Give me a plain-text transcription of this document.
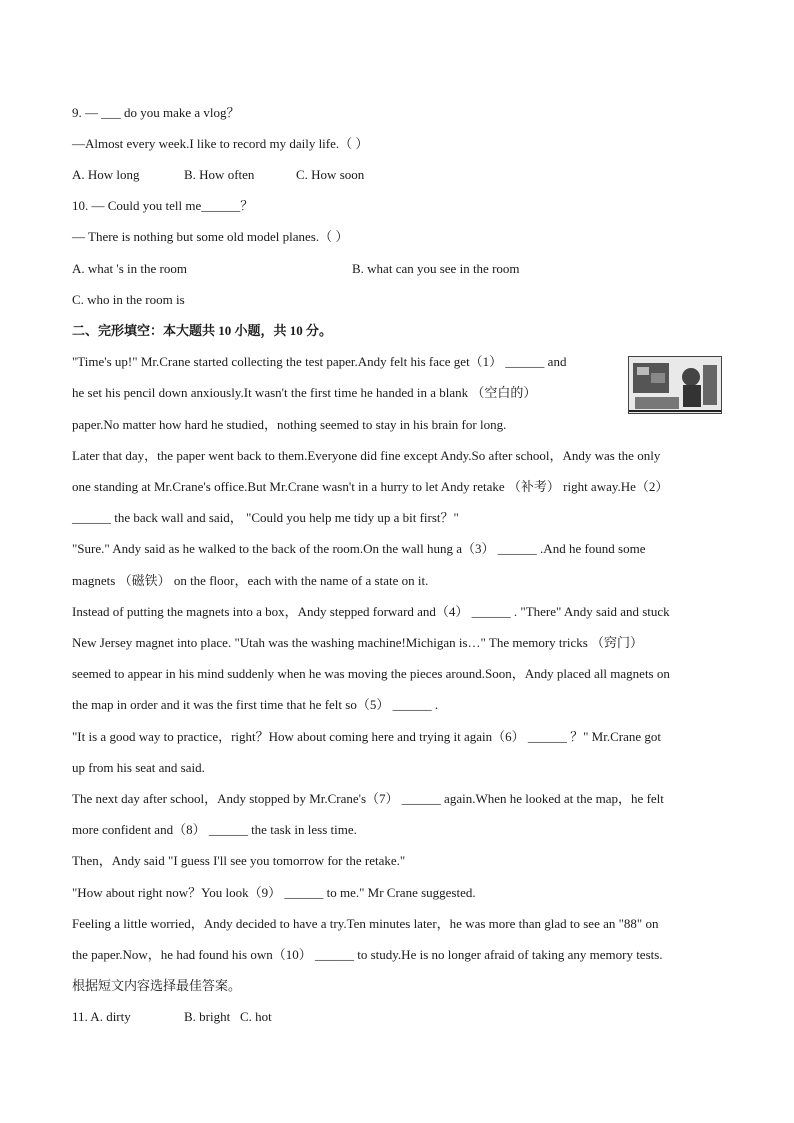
9. — ___ do you make a vlog？
—Almost every week.I like to record my daily life.（ ）
A. How long	B. How often	C. How soon
10. — Could you tell me______？
— There is nothing but some old model planes.（ ）
A. what 's in the room	B. what can you see in the room
C. who in the room is
二、完形填空：本大题共 10 小题，共 10 分。
"Time's up!" Mr.Crane started collecting the test paper.Andy felt his face get（1） ______ and
he set his pencil down anxiously.It wasn't the first time he handed in a blank （空白的）
paper.No matter how hard he studied，nothing seemed to stay in his brain for long.
Later that day，the paper went back to them.Everyone did fine except Andy.So after school，Andy was the only
one standing at Mr.Crane's office.But Mr.Crane wasn't in a hurry to let Andy retake （补考） right away.He（2）
______ the back wall and said， "Could you help me tidy up a bit first？"
"Sure." Andy said as he walked to the back of the room.On the wall hung a（3） ______ .And he found some
magnets （磁铁） on the floor，each with the name of a state on it.
Instead of putting the magnets into a box，Andy stepped forward and（4） ______ . "There" Andy said and stuck
New Jersey magnet into place. "Utah was the washing machine!Michigan is…" The memory tricks （窍门）
seemed to appear in his mind suddenly when he was moving the pieces around.Soon，Andy placed all magnets on
the map in order and it was the first time that he felt so（5） ______ .
"It is a good way to practice，right？How about coming here and trying it again（6） ______ ？" Mr.Crane got
up from his seat and said.
The next day after school，Andy stopped by Mr.Crane's（7） ______ again.When he looked at the map，he felt
more confident and（8） ______ the task in less time.
Then，Andy said "I guess I'll see you tomorrow for the retake."
"How about right now？You look（9） ______ to me." Mr Crane suggested.
Feeling a little worried，Andy decided to have a try.Ten minutes later，he was more than glad to see an "88" on
the paper.Now，he had found his own（10） ______ to study.He is no longer afraid of taking any memory tests.
根据短文内容选择最佳答案。
11. A. dirty	B. bright C. hot
